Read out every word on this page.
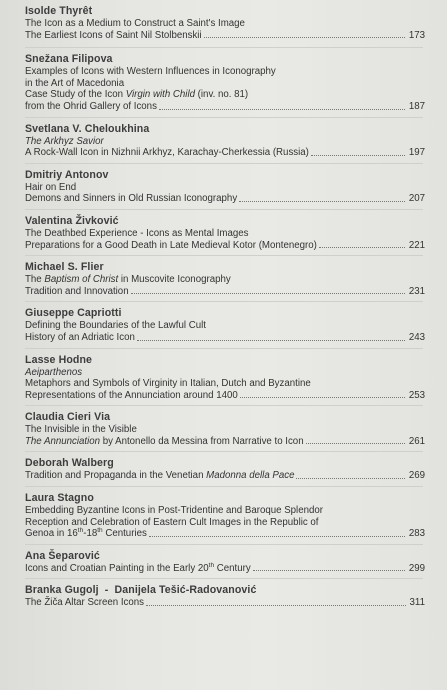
Isolde Thyrêt
The Icon as a Medium to Construct a Saint's Image
The Earliest Icons of Saint Nil Stolbenskii	173
Snežana Filipova
Examples of Icons with Western Influences in Iconography
in the Art of Macedonia
Case Study of the Icon Virgin with Child (inv. no. 81)
from the Ohrid Gallery of Icons	187
Svetlana V. Cheloukhina
The Arkhyz Savior
A Rock-Wall Icon in Nizhnii Arkhyz, Karachay-Cherkessia (Russia)	197
Dmitriy Antonov
Hair on End
Demons and Sinners in Old Russian Iconography	207
Valentina Živković
The Deathbed Experience - Icons as Mental Images
Preparations for a Good Death in Late Medieval Kotor (Montenegro)	221
Michael S. Flier
The Baptism of Christ in Muscovite Iconography
Tradition and Innovation	231
Giuseppe Capriotti
Defining the Boundaries of the Lawful Cult
History of an Adriatic Icon	243
Lasse Hodne
Aeiparthenos
Metaphors and Symbols of Virginity in Italian, Dutch and Byzantine
Representations of the Annunciation around 1400	253
Claudia Cieri Via
The Invisible in the Visible
The Annunciation by Antonello da Messina from Narrative to Icon	261
Deborah Walberg
Tradition and Propaganda in the Venetian Madonna della Pace	269
Laura Stagno
Embedding Byzantine Icons in Post-Tridentine and Baroque Splendor
Reception and Celebration of Eastern Cult Images in the Republic of
Genoa in 16th-18th Centuries	283
Ana Šeparović
Icons and Croatian Painting in the Early 20th Century	299
Branka Gugolj  -  Danijela Tešić-Radovanović
The Žiča Altar Screen Icons	311
